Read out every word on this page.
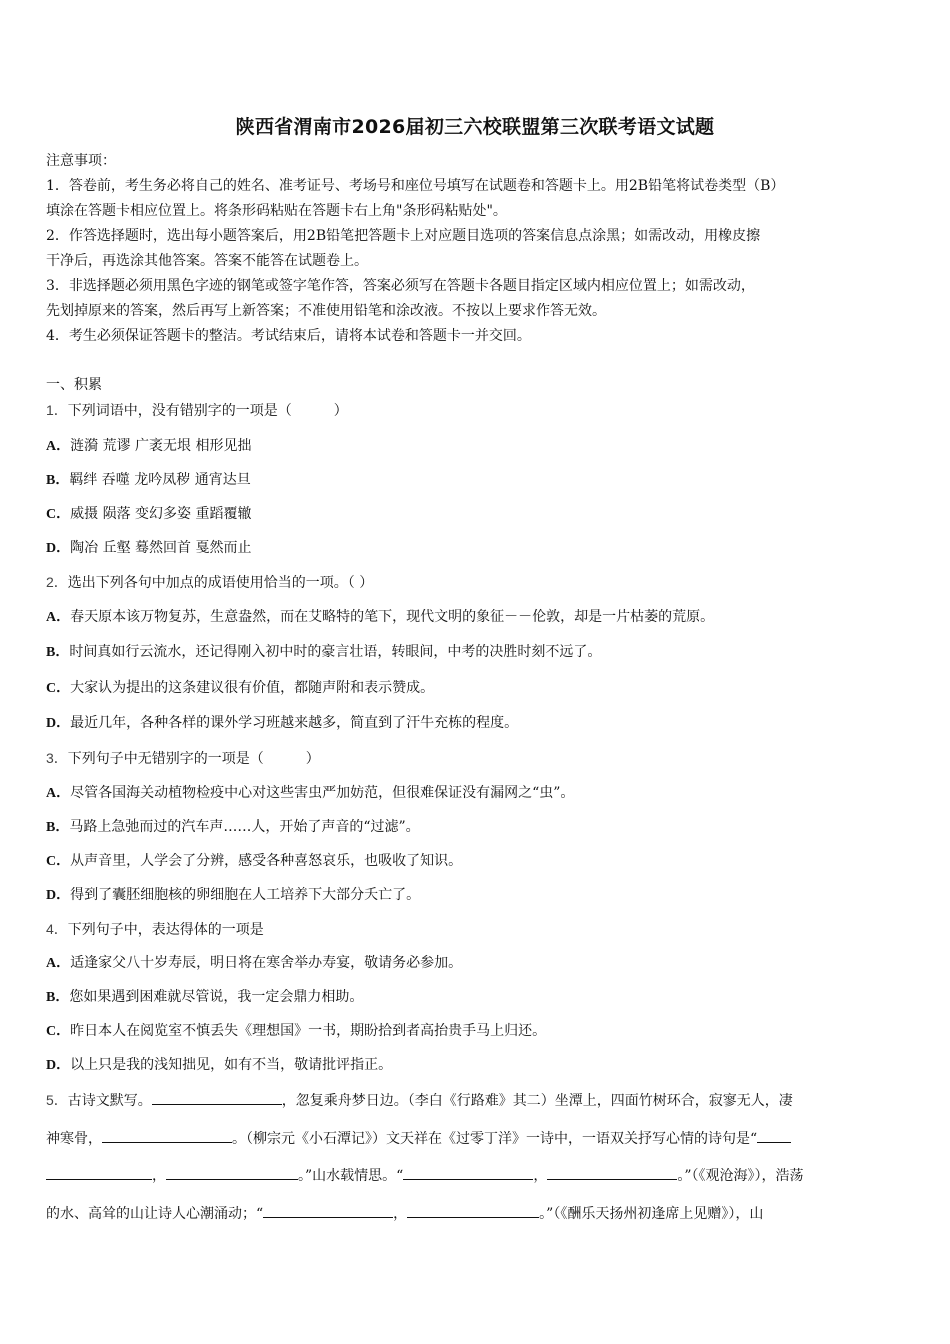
陕西省渭南市2026届初三六校联盟第三次联考语文试题
注意事项：
1．答卷前，考生务必将自己的姓名、准考证号、考场号和座位号填写在试题卷和答题卡上。用2B铅笔将试卷类型（B）
填涂在答题卡相应位置上。将条形码粘贴在答题卡右上角"条形码粘贴处"。
2．作答选择题时，选出每小题答案后，用2B铅笔把答题卡上对应题目选项的答案信息点涂黑；如需改动，用橡皮擦
干净后，再选涂其他答案。答案不能答在试题卷上。
3．非选择题必须用黑色字迹的钢笔或签字笔作答，答案必须写在答题卡各题目指定区域内相应位置上；如需改动，
先划掉原来的答案，然后再写上新答案；不准使用铅笔和涂改液。不按以上要求作答无效。
4．考生必须保证答题卡的整洁。考试结束后，请将本试卷和答题卡一并交回。
一、积累
1．下列词语中，没有错别字的一项是（　　　）
A．涟漪 荒谬 广袤无垠 相形见拙
B．羁绊 吞噬 龙吟凤秽 通宵达旦
C．威摄 陨落 变幻多姿 重蹈覆辙
D．陶冶 丘壑 蓦然回首 戛然而止
2．选出下列各句中加点的成语使用恰当的一项。（ ）
A．春天原本该万物复苏，生意盎然，而在艾略特的笔下，现代文明的象征－－伦敦，却是一片枯萎的荒原。
B．时间真如行云流水，还记得刚入初中时的豪言壮语，转眼间，中考的决胜时刻不远了。
C．大家认为提出的这条建议很有价值，都随声附和表示赞成。
D．最近几年，各种各样的课外学习班越来越多，简直到了汗牛充栋的程度。
3．下列句子中无错别字的一项是（　　　）
A．尽管各国海关动植物检疫中心对这些害虫严加妨范，但很难保证没有漏网之“虫”。
B．马路上急弛而过的汽车声……人，开始了声音的“过滤”。
C．从声音里，人学会了分辨，感受各种喜怒哀乐，也吸收了知识。
D．得到了囊胚细胞核的卵细胞在人工培养下大部分夭亡了。
4．下列句子中，表达得体的一项是
A．适逢家父八十岁寿辰，明日将在寒舍举办寿宴，敬请务必参加。
B．您如果遇到困难就尽管说，我一定会鼎力相助。
C．昨日本人在阅览室不慎丢失《理想国》一书，期盼拾到者高抬贵手马上归还。
D．以上只是我的浅知拙见，如有不当，敬请批评指正。
5．古诗文默写。	，忽复乘舟梦日边。（李白《行路难》其二）坐潭上，四面竹树环合，寂寥无人，凄
神寒骨，	。（柳宗元《小石潭记》）文天祥在《过零丁洋》一诗中，一语双关抒写心情的诗句是“
，	。”山水载情思。“	，	。”（《观沧海》），浩荡
的水、高耸的山让诗人心潮涌动；“	，	。”（《酬乐天扬州初逢席上见赠》），山
